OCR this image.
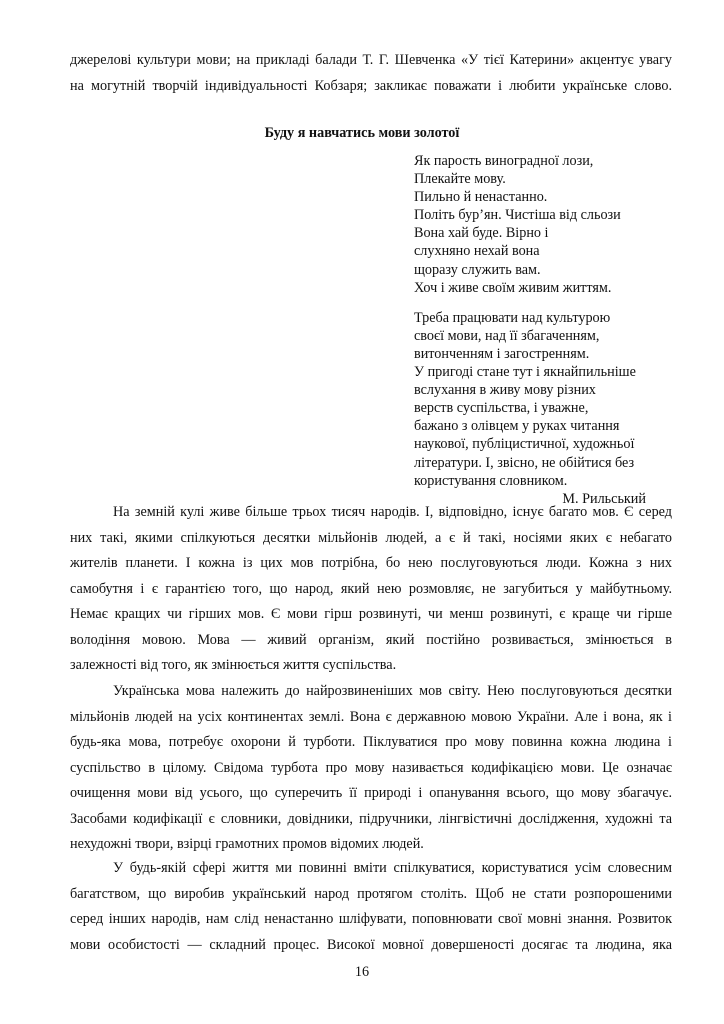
джерелові культури мови; на прикладі балади Т. Г. Шевченка «У тієї Катерини» акцентує увагу
на могутній творчій індивідуальності Кобзаря; закликає поважати і любити українське слово.
Буду я навчатись мови золотої
Як парость виноградної лози,
Плекайте мову.
Пильно й ненастанно.
Політь бур’ян. Чистіша від сльози
Вона хай буде. Вірно і
слухняно нехай вона
щоразу служить вам.
Хоч і живе своїм живим життям.
Треба працювати над культурою
своєї мови, над її збагаченням,
витонченням і загостренням.
У пригоді стане тут і якнайпильніше
вслухання в живу мову різних
верств суспільства, і уважне,
бажано з олівцем у руках читання
наукової, публіцистичної, художньої
літератури. І, звісно, не обійтися без
користування словником.
М. Рильський
На земній кулі живе більше трьох тисяч народів. І, відповідно, існує багато мов. Є серед
них такі, якими спілкуються десятки мільйонів людей, а є й такі, носіями яких є небагато
жителів планети. І кожна із цих мов потрібна, бо нею послуговуються люди. Кожна з них
самобутня і є гарантією того, що народ, який нею розмовляє, не загубиться у майбутньому.
Немає кращих чи гірших мов. Є мови гірш розвинуті, чи менш розвинуті, є краще чи гірше
володіння мовою. Мова — живий організм, який постійно розвивається, змінюється в
залежності від того, як змінюється життя суспільства.
Українська мова належить до найрозвиненіших мов світу. Нею послуговуються десятки
мільйонів людей на усіх континентах землі. Вона є державною мовою України. Але і вона, як і
будь-яка мова, потребує охорони й турботи. Піклуватися про мову повинна кожна людина і
суспільство в цілому. Свідома турбота про мову називається кодифікацією мови. Це означає
очищення мови від усього, що суперечить її природі і опанування всього, що мову збагачує.
Засобами кодифікації є словники, довідники, підручники, лінгвістичні дослідження, художні та
нехудожні твори, взірці грамотних промов відомих людей.
У будь-якій сфері життя ми повинні вміти спілкуватися, користуватися усім словесним
багатством, що виробив український народ протягом століть. Щоб не стати розпорошеними
серед інших народів, нам слід ненастанно шліфувати, поповнювати свої мовні знання. Розвиток
мови особистості — складний процес. Високої мовної довершеності досягає та людина, яка
16
